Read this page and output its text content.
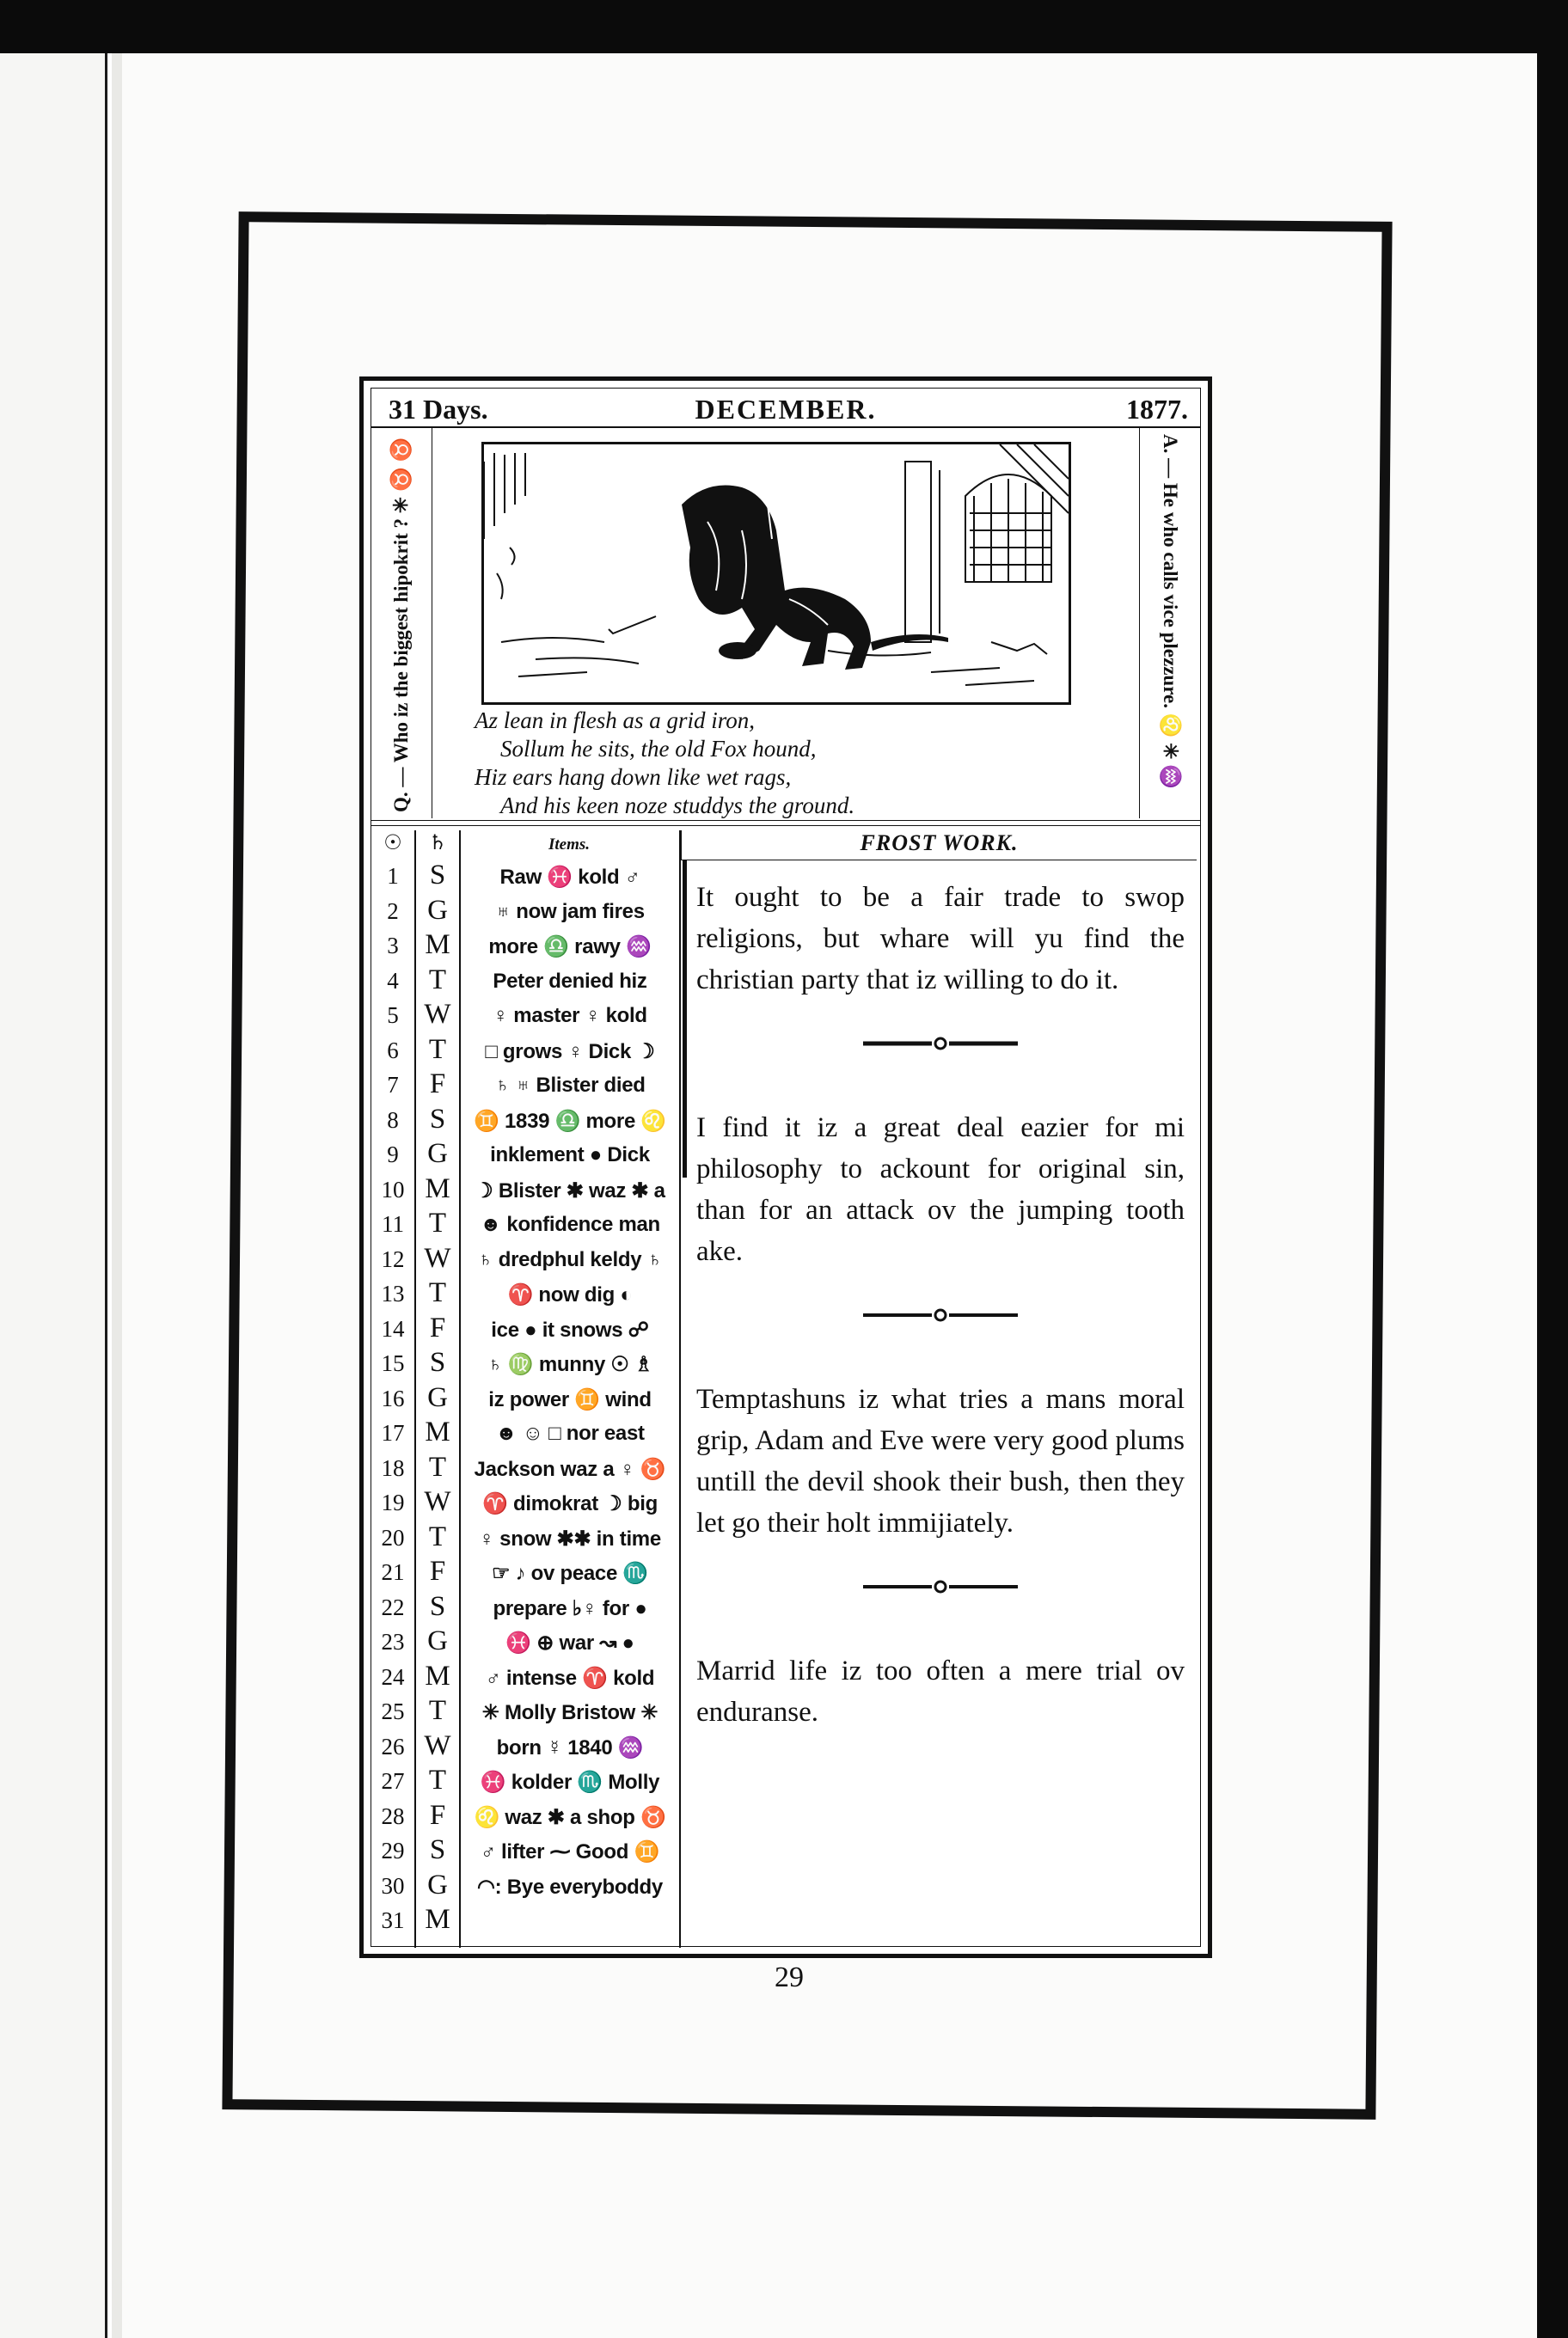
31 Days.	DECEMBER.	1877.
Q. — Who iz the biggest hipokrit ? ✳ ♉ ♉	A. — He who calls vice plezzure. ♌ ✳ ♒
Az lean in flesh as a grid iron,
Sollum he sits, the old Fox hound,
Hiz ears hang down like wet rags,
And his keen noze studdys the ground.
☉	♄	Items.	FROST WORK.
1	S	Raw ♓ kold ♂
2	G	♅ now jam fires
3 M	more ♎ rawy ♒
4	T	Peter denied hiz
5 W	♀ master ♀ kold
6	T	□ grows ♀ Dick ☽
7	F	♄ ♅ Blister died
8	S	♊ 1839 ♎ more ♌
9	G	inklement ● Dick
10 M	☽ Blister ✱ waz ✱ a
11 T	☻ konfidence man
12 W	♄ dredphul keldy ♄
13 T	♈ now dig ◐
14 F	ice ● it snows ☍
15 S	♄ ♍ munny ☉ ♗
16 G	iz power ♊ wind
17 M	☻ ☺ □ nor east
18 T	Jackson waz a ♀ ♉
19 W	♈ dimokrat ☽ big
20 T	♀ snow ✱✱ in time
21 F	☞ ♪ ov peace ♏
22 S	prepare ♭♀ for ●
23 G	♓ ⊕ war ↝ ●
24 M	♂ intense ♈ kold
25 T	✳ Molly Bristow ✳
26 W	born ☿ 1840 ♒
27 T	♓ kolder ♏ Molly
28 F	♌ waz ✱ a shop ♉
29 S	♂ lifter ⁓ Good ♊
30 G	◠: Bye everyboddy
31 M

It ought to be a fair trade to swop religions, but whare will yu find the christian party that iz willing to do it.

I find it iz a great deal eazier for mi philosophy to ackount for original sin, than for an attack ov the jumping tooth ake.

Temptashuns iz what tries a mans moral grip, Adam and Eve were very good plums untill the devil shook their bush, then they let go their holt immijiately.

Marrid life iz too often a mere trial ov enduranse.

29
